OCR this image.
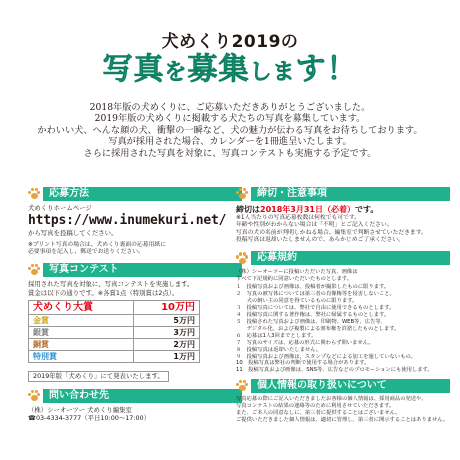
犬めくり2019の
写真を募集します！
2018年版の犬めくりに、ご応募いただきありがとうございました。
2019年版の犬めくりに掲載する犬たちの写真を募集しています。
かわいい犬、へんな顔の犬、衝撃の一瞬など、犬の魅力が伝わる写真をお待ちしております。
写真が採用された場合、カレンダーを1冊進呈いたします。
さらに採用された写真を対象に、写真コンテストも実施する予定です。
応募方法
犬めくりホームページ
https://www.inumekuri.net/
から写真を投稿してください。
※プリント写真の場合は、犬めくり裏面の応募用紙に
必要事項を記入し、郵送でお送りください。
写真コンテスト
採用された写真を対象に、写真コンテストを実施します。
賞金は以下の通りです。※各賞1点（特別賞は2点）。
犬めくり大賞	10万円
金賞	5万円
銀賞	3万円
銅賞	2万円
特別賞	1万円
2019年版「犬めくり」にて発表いたします。
問い合わせ先
（株）シーオーツー 犬めくり編集室
☎03-4334-3777（平日10:00〜17:00）
締切・注意事項
締切は2018年3月31日（必着）です。
※1人当たりの写真応募枚数は何枚でも可です。
年齢や性別がわからない場合は「不明」とご記入ください。
写真の犬の名前が判明しかねる場合、編集室で判断させていただきます。
投稿写真は返却いたしませんので、あらかじめご了承ください。
応募規約
（株）シーオーツーに投稿いただいた写真、画像は
すべて下記規約に同意いただいたものとします。
１　投稿写真および画像は、投稿者が撮影したものに限ります。
２　写真の被写体については第三者の肖像権等を侵害しないこと。
　　犬の飼い主の同意を得ているものに限ります。
３　投稿写真については、弊社で自由に使用できるものとします。
４　投稿写真に関する著作権は、弊社に帰属するものとします。
５　投稿された写真および画像は、印刷物、WEB等、広告等、
　　デジタル化、および複製による頒布権を許諾したものとします。
６　応募は1人3回までとします。
７　写真のサイズは、応募の形式に関わらず問いません。
８　投稿写真は返却いたしません。
９　投稿写真および画像は、スタンプなどによる加工を施していないもの。
10　投稿写真は弊社の判断で使用する場合があります。
11　投稿写真および画像は、SNS等、広告などのプロモーションにも使用します。
個人情報の取り扱いについて
写真応募の際にご記入いただきましたお客様の個人情報は、採用商品の発送や、
写真コンテストの結果の連絡等のために利用させていただきます。
また、ご本人の同意なしに、第三者に提供することはございません。
ご提供いただきました個人情報は、適切に管理し、第三者に開示することはありません。
